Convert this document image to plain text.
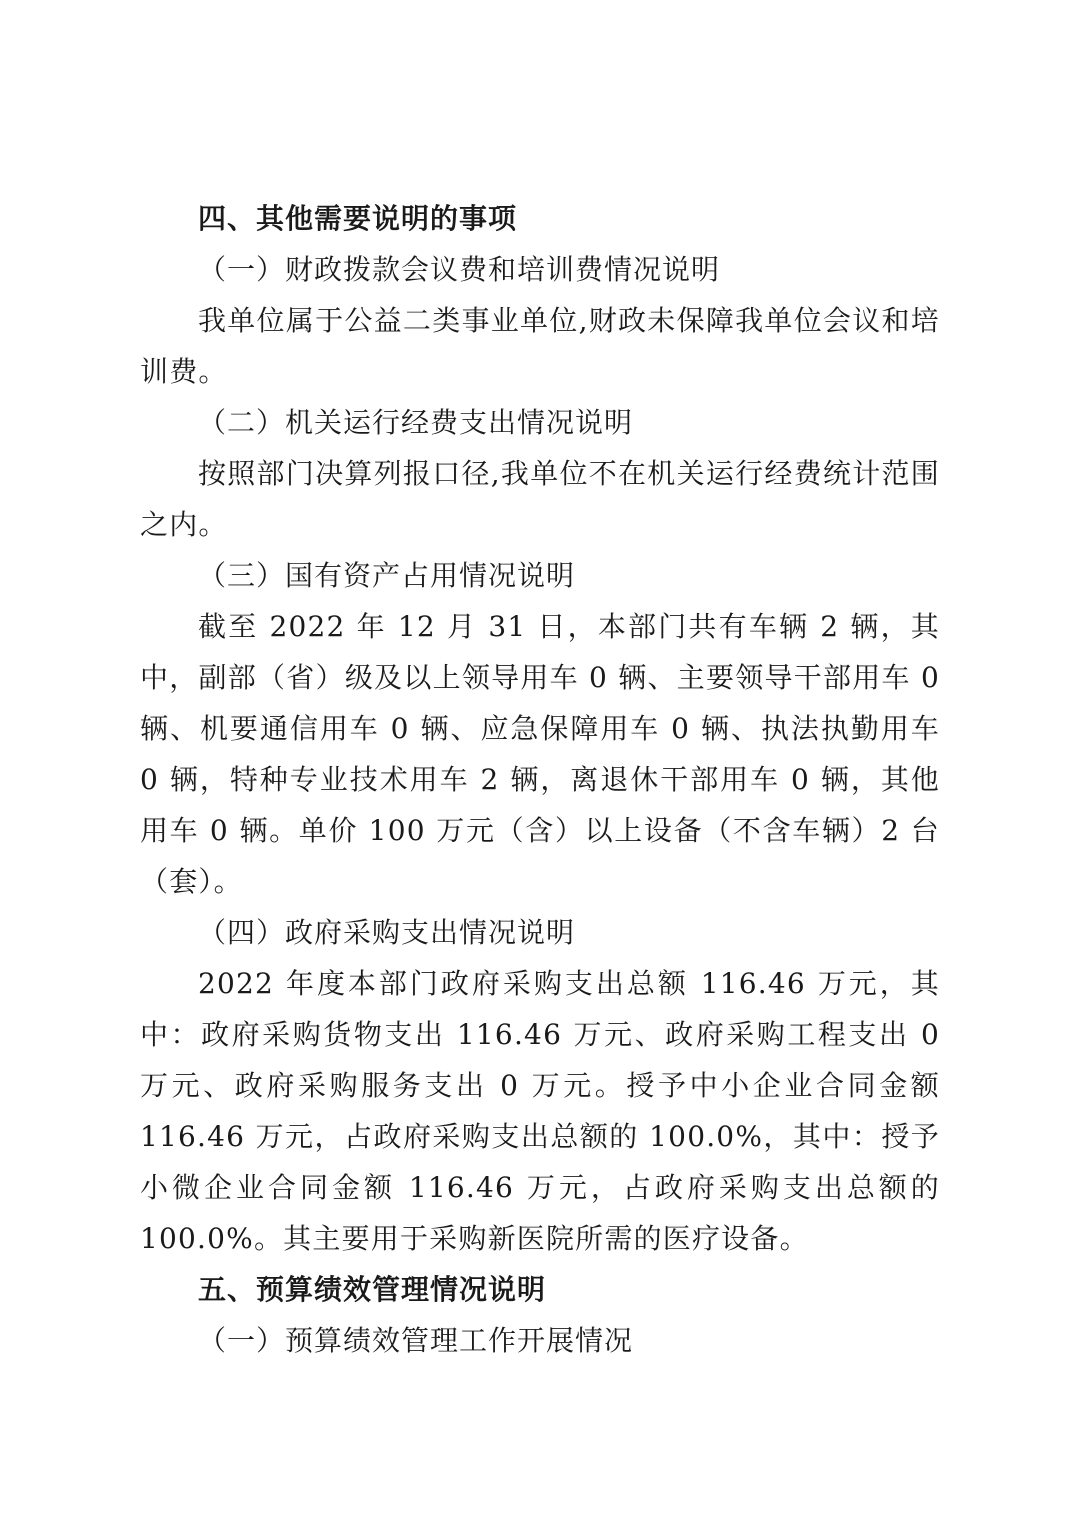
四、其他需要说明的事项
（一）财政拨款会议费和培训费情况说明

我单位属于公益二类事业单位,财政未保障我单位会议和培训费。

（二）机关运行经费支出情况说明

按照部门决算列报口径,我单位不在机关运行经费统计范围之内。

（三）国有资产占用情况说明

截至 2022 年 12 月 31 日，本部门共有车辆 2 辆，其中，副部（省）级及以上领导用车 0 辆、主要领导干部用车 0 辆、机要通信用车 0 辆、应急保障用车 0 辆、执法执勤用车 0 辆，特种专业技术用车 2 辆，离退休干部用车 0 辆，其他用车 0 辆。单价 100 万元（含）以上设备（不含车辆）2 台（套）。

（四）政府采购支出情况说明

2022 年度本部门政府采购支出总额 116.46 万元，其中：政府采购货物支出 116.46 万元、政府采购工程支出 0 万元、政府采购服务支出 0 万元。授予中小企业合同金额 116.46 万元，占政府采购支出总额的 100.0%，其中：授予小微企业合同金额 116.46 万元，占政府采购支出总额的 100.0%。其主要用于采购新医院所需的医疗设备。

五、预算绩效管理情况说明
（一）预算绩效管理工作开展情况
